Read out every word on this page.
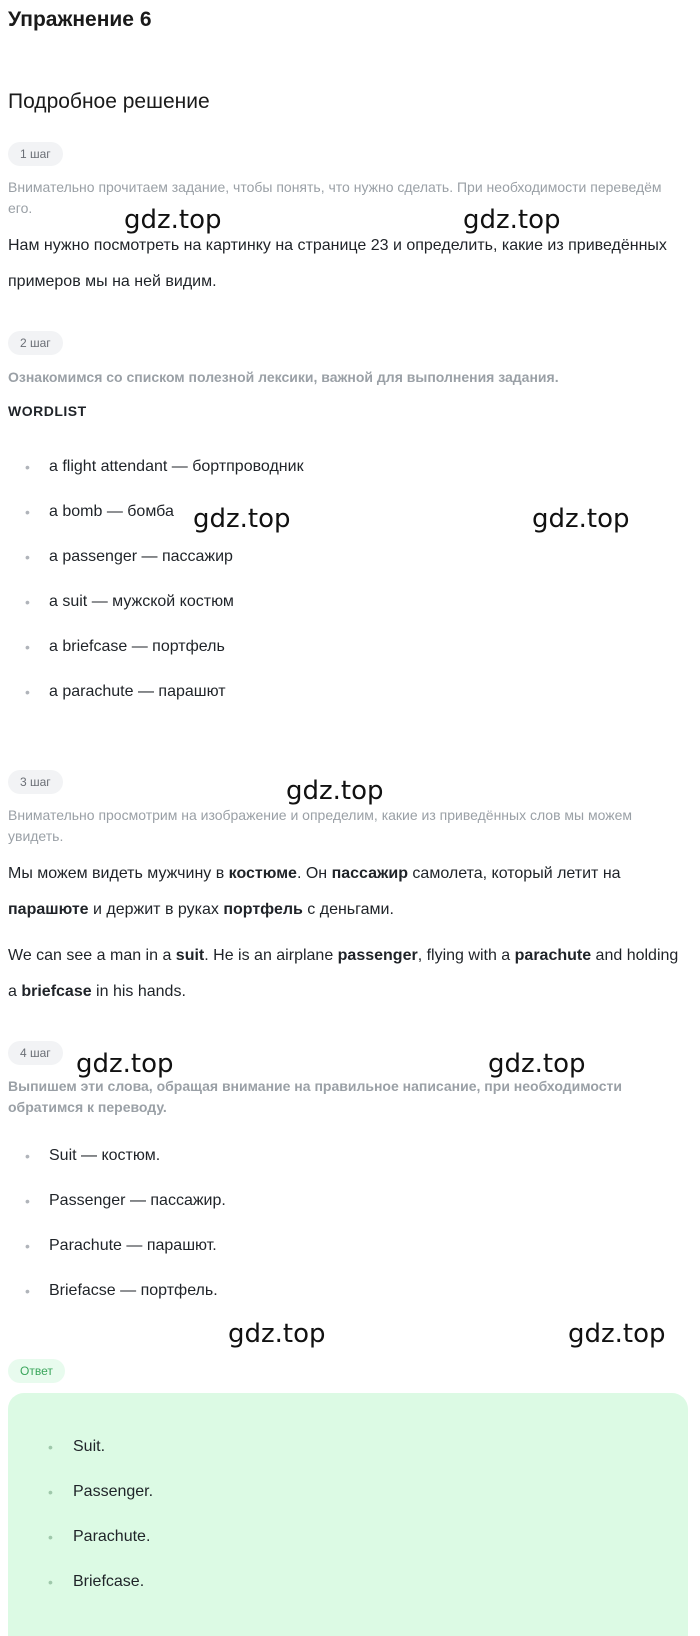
Упражнение 6
Подробное решение
1 шаг

Внимательно прочитаем задание, чтобы понять, что нужно сделать. При необходимости переведём его.

Нам нужно посмотреть на картинку на странице 23 и определить, какие из приведённых примеров мы на ней видим.

2 шаг

Ознакомимся со списком полезной лексики, важной для выполнения задания.

WORDLIST

• a flight attendant — бортпроводник
• a bomb — бомба
• a passenger — пассажир
• a suit — мужской костюм
• a briefcase — портфель
• a parachute — парашют
3 шаг

Внимательно просмотрим на изображение и определим, какие из приведённых слов мы можем увидеть.

Мы можем видеть мужчину в костюме. Он пассажир самолета, который летит на парашюте и держит в руках портфель с деньгами.

We can see a man in a suit. He is an airplane passenger, flying with a parachute and holding a briefcase in his hands.

4 шаг

Выпишем эти слова, обращая внимание на правильное написание, при необходимости обратимся к переводу.

• Suit — костюм.
• Passenger — пассажир.
• Parachute — парашют.
• Briefacse — портфель.
Ответ
• Suit.
• Passenger.
• Parachute.
• Briefcase.
gdz.top	gdz.top
gdz.top	gdz.top
gdz.top
gdz.top	gdz.top
gdz.top	gdz.top
